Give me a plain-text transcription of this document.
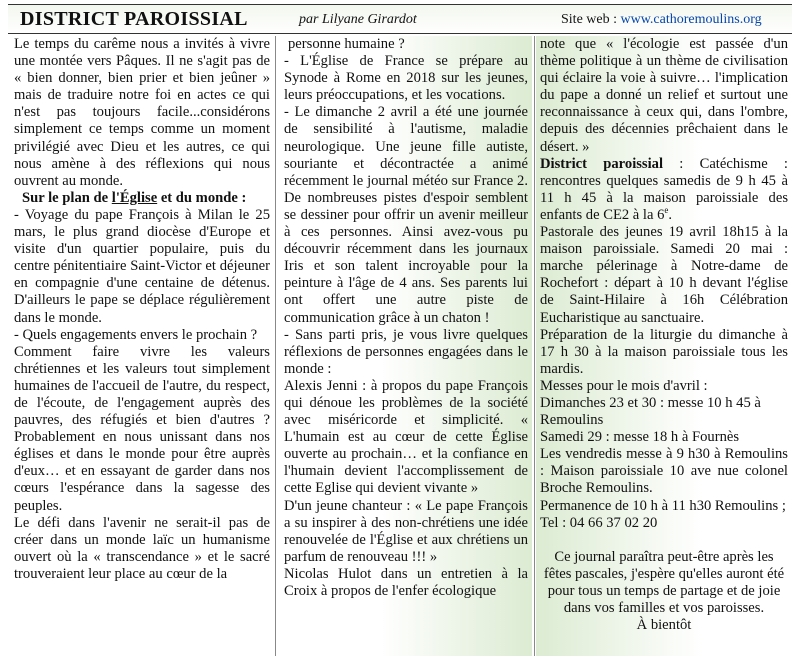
DISTRICT PAROISSIAL	par Lilyane Girardot	Site web : www.cathoremoulins.org

Le temps du carême nous a invités à vivre une montée vers Pâques. Il ne s'agit pas de « bien donner, bien prier et bien jeûner » mais de traduire notre foi en actes ce qui n'est pas toujours facile...considérons simplement ce temps comme un moment privilégié avec Dieu et les autres, ce qui nous amène à des réflexions qui nous ouvrent au monde.

Sur le plan de l'Église et du monde :

- Voyage du pape François à Milan le 25 mars, le plus grand diocèse d'Europe et visite d'un quartier populaire, puis du centre pénitentiaire Saint-Victor et déjeuner en compagnie d'une centaine de détenus. D'ailleurs le pape se déplace régulièrement dans le monde.

- Quels engagements envers le prochain ?

Comment faire vivre les valeurs chrétiennes et les valeurs tout simplement humaines de l'accueil de l'autre, du respect, de l'écoute, de l'engagement auprès des pauvres, des réfugiés et bien d'autres ? Probablement en nous unissant dans nos églises et dans le monde pour être auprès d'eux… et en essayant de garder dans nos cœurs l'espérance dans la sagesse des peuples.

Le défi dans l'avenir ne serait-il pas de créer dans un monde laïc un humanisme ouvert où la « transcendance » et le sacré trouveraient leur place au cœur de la

personne humaine ?

- L'Église de France se prépare au Synode à Rome en 2018 sur les jeunes, leurs préoccupations, et les vocations.

- Le dimanche 2 avril a été une journée de sensibilité à l'autisme, maladie neurologique. Une jeune fille autiste, souriante et décontractée a animé récemment le journal météo sur France 2. De nombreuses pistes d'espoir semblent se dessiner pour offrir un avenir meilleur à ces personnes. Ainsi avez-vous pu découvrir récemment dans les journaux Iris et son talent incroyable pour la peinture à l'âge de 4 ans. Ses parents lui ont offert une autre piste de communication grâce à un chaton !

- Sans parti pris, je vous livre quelques réflexions de personnes engagées dans le monde :

Alexis Jenni : à propos du pape François qui dénoue les problèmes de la société avec miséricorde et simplicité. « L'humain est au cœur de cette Église ouverte au prochain… et la confiance en l'humain devient l'accomplissement de cette Eglise qui devient vivante »

D'un jeune chanteur : « Le pape François a su inspirer à des non-chrétiens une idée renouvelée de l'Église et aux chrétiens un parfum de renouveau !!! »

Nicolas Hulot dans un entretien à la Croix à propos de l'enfer écologique

note que « l'écologie est passée d'un thème politique à un thème de civilisation qui éclaire la voie à suivre… l'implication du pape a donné un relief et surtout une reconnaissance à ceux qui, dans l'ombre, depuis des décennies prêchaient dans le désert. »

District paroissial : Catéchisme : rencontres quelques samedis de 9 h 45 à 11 h 45 à la maison paroissiale des enfants de CE2 à la 6e.

Pastorale des jeunes 19 avril 18h15 à la maison paroissiale. Samedi 20 mai : marche pélerinage à Notre-dame de Rochefort : départ à 10 h devant l'église de Saint-Hilaire à 16h Célébration Eucharistique au sanctuaire.

Préparation de la liturgie du dimanche à 17 h 30 à la maison paroissiale tous les mardis.

Messes pour le mois d'avril :

Dimanches 23 et 30 : messe 10 h 45 à Remoulins

Samedi 29 : messe 18 h à Fournès

Les vendredis messe à 9 h30 à Remoulins : Maison paroissiale 10 ave nue colonel Broche Remoulins.

Permanence de 10 h à 11 h30 Remoulins ;

Tel : 04 66 37 02 20

Ce journal paraîtra peut-être après les fêtes pascales, j'espère qu'elles auront été pour tous un temps de partage et de joie dans vos familles et vos paroisses.

À bientôt
